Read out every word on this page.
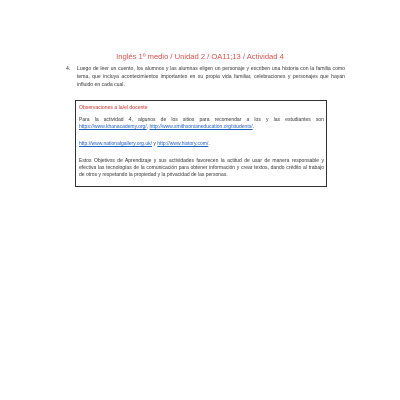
Inglés 1º medio / Unidad 2 / OA11;13 / Actividad 4
4. Luego de leer un cuento, los alumnos y las alumnas eligen un personaje y escriben una historia con la familia como tema, que incluya acontecimientos importantes en su propia vida familiar, celebraciones y personajes que hayan influido en cada cual.
Observaciones a la/el docente
Para la actividad 4, algunos de los sitios para recomendar a los y las estudiantes son https://www.khanacademy.org/, http://www.smithsonianeducation.org/students/.
http://www.nationalgallery.org.uk/ y http://www.history.com/.
Estos Objetivos de Aprendizaje y sus actividades favorecen la actitud de usar de manera responsable y efectiva las tecnologías de la comunicación para obtener información y crear textos, dando crédito al trabajo de otros y respetando la propiedad y la privacidad de las personas.
